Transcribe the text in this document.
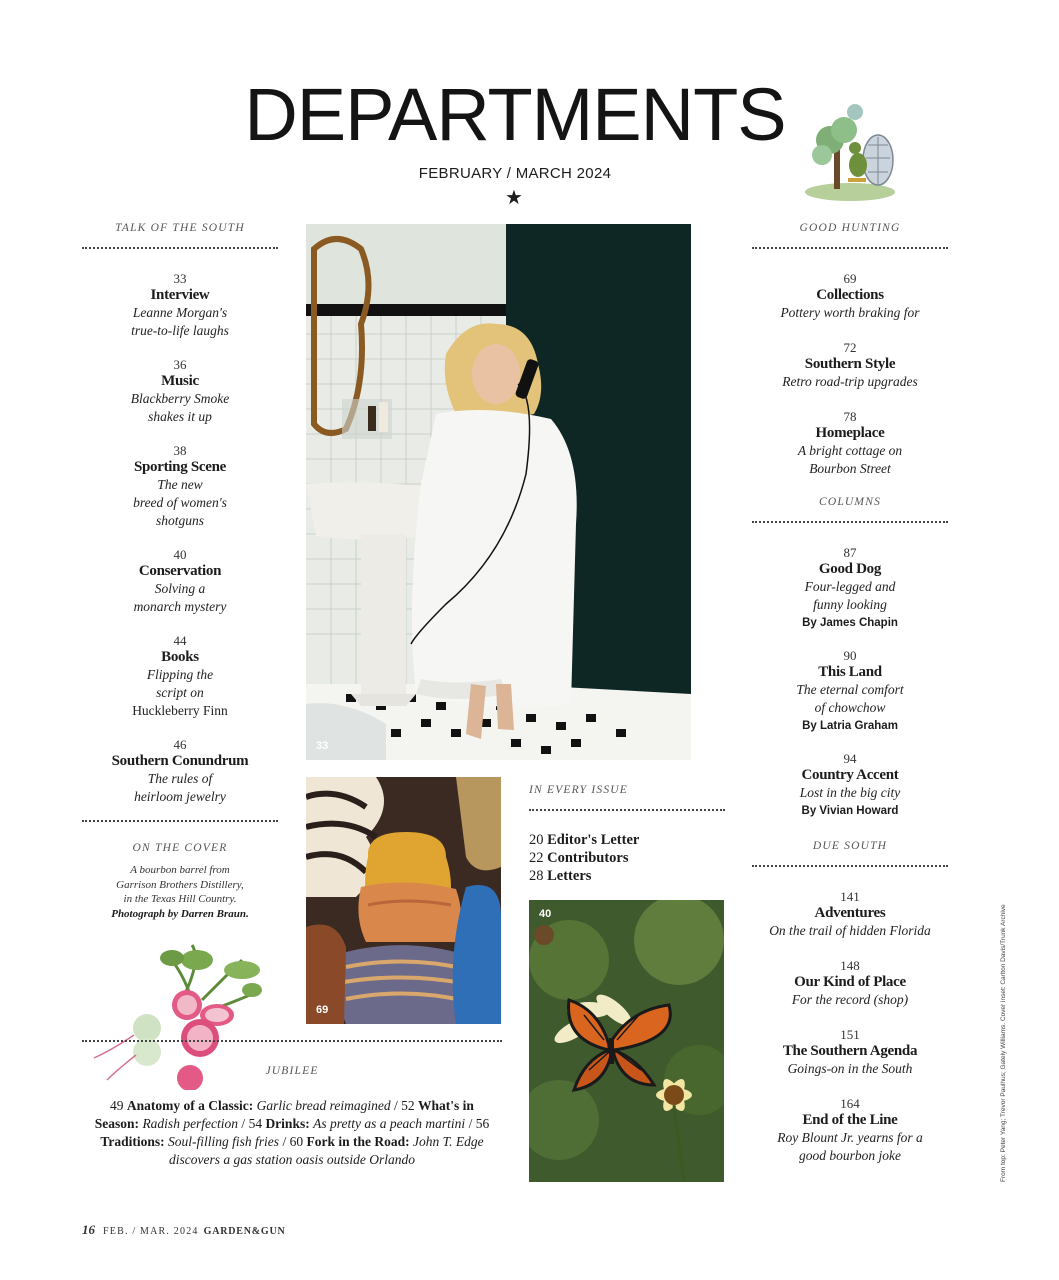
DEPARTMENTS
FEBRUARY / MARCH 2024
★
TALK OF THE SOUTH
33
Interview
Leanne Morgan's
true-to-life laughs
36
Music
Blackberry Smoke
shakes it up
38
Sporting Scene
The new
breed of women's
shotguns
40
Conservation
Solving a
monarch mystery
44
Books
Flipping the
script on
Huckleberry Finn
46
Southern Conundrum
The rules of
heirloom jewelry
ON THE COVER
A bourbon barrel from
Garrison Brothers Distillery,
in the Texas Hill Country.
Photograph by Darren Braun.
33
69
IN EVERY ISSUE
20 Editor's Letter
22 Contributors
28 Letters
40
GOOD HUNTING
69
Collections
Pottery worth braking for
72
Southern Style
Retro road-trip upgrades
78
Homeplace
A bright cottage on
Bourbon Street
COLUMNS
87
Good Dog
Four-legged and
funny looking
By James Chapin
90
This Land
The eternal comfort
of chowchow
By Latria Graham
94
Country Accent
Lost in the big city
By Vivian Howard
DUE SOUTH
141
Adventures
On the trail of hidden Florida
148
Our Kind of Place
For the record (shop)
151
The Southern Agenda
Goings-on in the South
164
End of the Line
Roy Blount Jr. yearns for a
good bourbon joke
JUBILEE
49 Anatomy of a Classic: Garlic bread reimagined / 52 What's in Season: Radish perfection / 54 Drinks: As pretty as a peach martini / 56 Traditions: Soul-filling fish fries / 60 Fork in the Road: John T. Edge discovers a gas station oasis outside Orlando
16 FEB. / MAR. 2024 GARDEN&GUN
From top: Peter Yang; Trevor Paulhus; Gately Williams. Cover inset: Carlton Davis/Trunk Archive
